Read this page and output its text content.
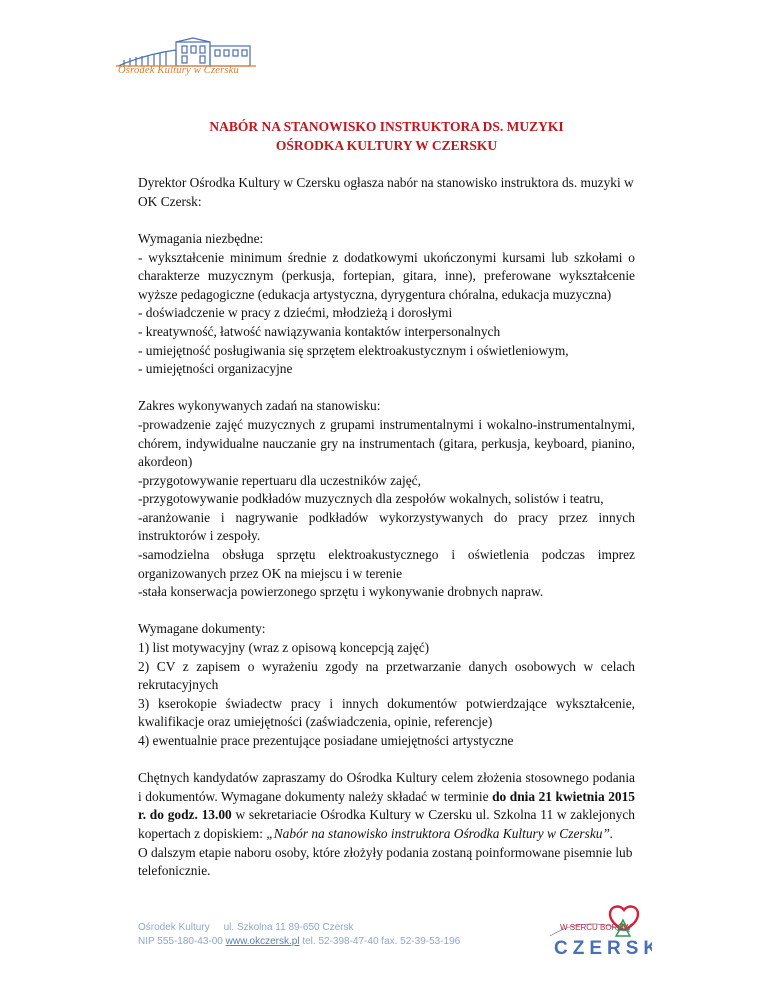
Ośrodek Kultury w Czersku
NABÓR NA STANOWISKO INSTRUKTORA DS. MUZYKI
OŚRODKA KULTURY W CZERSKU

Dyrektor Ośrodka Kultury w Czersku ogłasza nabór na stanowisko instruktora ds. muzyki w OK Czersk:

Wymagania niezbędne:
- wykształcenie minimum średnie z dodatkowymi ukończonymi kursami lub szkołami o charakterze muzycznym (perkusja, fortepian, gitara, inne), preferowane wykształcenie wyższe pedagogiczne (edukacja artystyczna, dyrygentura chóralna, edukacja muzyczna)
- doświadczenie w pracy z dziećmi, młodzieżą i dorosłymi
- kreatywność, łatwość nawiązywania kontaktów interpersonalnych
- umiejętność posługiwania się sprzętem elektroakustycznym i oświetleniowym,
- umiejętności organizacyjne
Zakres wykonywanych zadań na stanowisku:
-prowadzenie zajęć muzycznych z grupami instrumentalnymi i wokalno-instrumentalnymi, chórem, indywidualne nauczanie gry na instrumentach (gitara, perkusja, keyboard, pianino, akordeon)
-przygotowywanie repertuaru dla uczestników zajęć,
-przygotowywanie podkładów muzycznych dla zespołów wokalnych, solistów i teatru,
-aranżowanie i nagrywanie podkładów wykorzystywanych do pracy przez innych instruktorów i zespoły.
-samodzielna obsługa sprzętu elektroakustycznego i oświetlenia podczas imprez organizowanych przez OK na miejscu i w terenie
-stała konserwacja powierzonego sprzętu i wykonywanie drobnych napraw.
Wymagane dokumenty:
1) list motywacyjny (wraz z opisową koncepcją zajęć)
2) CV z zapisem o wyrażeniu zgody na przetwarzanie danych osobowych w celach rekrutacyjnych
3) kserokopie świadectw pracy i innych dokumentów potwierdzające wykształcenie, kwalifikacje oraz umiejętności (zaświadczenia, opinie, referencje)
4) ewentualnie prace prezentujące posiadane umiejętności artystyczne

Chętnych kandydatów zapraszamy do Ośrodka Kultury celem złożenia stosownego podania i dokumentów. Wymagane dokumenty należy składać w terminie do dnia 21 kwietnia 2015 r. do godz. 13.00 w sekretariacie Ośrodka Kultury w Czersku ul. Szkolna 11 w zaklejonych kopertach z dopiskiem: „Nabór na stanowisko instruktora Ośrodka Kultury w Czersku”.

O dalszym etapie naboru osoby, które złożyły podania zostaną poinformowane pisemnie lub telefonicznie.

Ośrodek Kultury ul. Szkolna 11 89-650 Czersk
NIP 555-180-43-00 www.okczersk.pl tel. 52-398-47-40 fax. 52-39-53-196
W SERCU BORÓW
CZERSK
